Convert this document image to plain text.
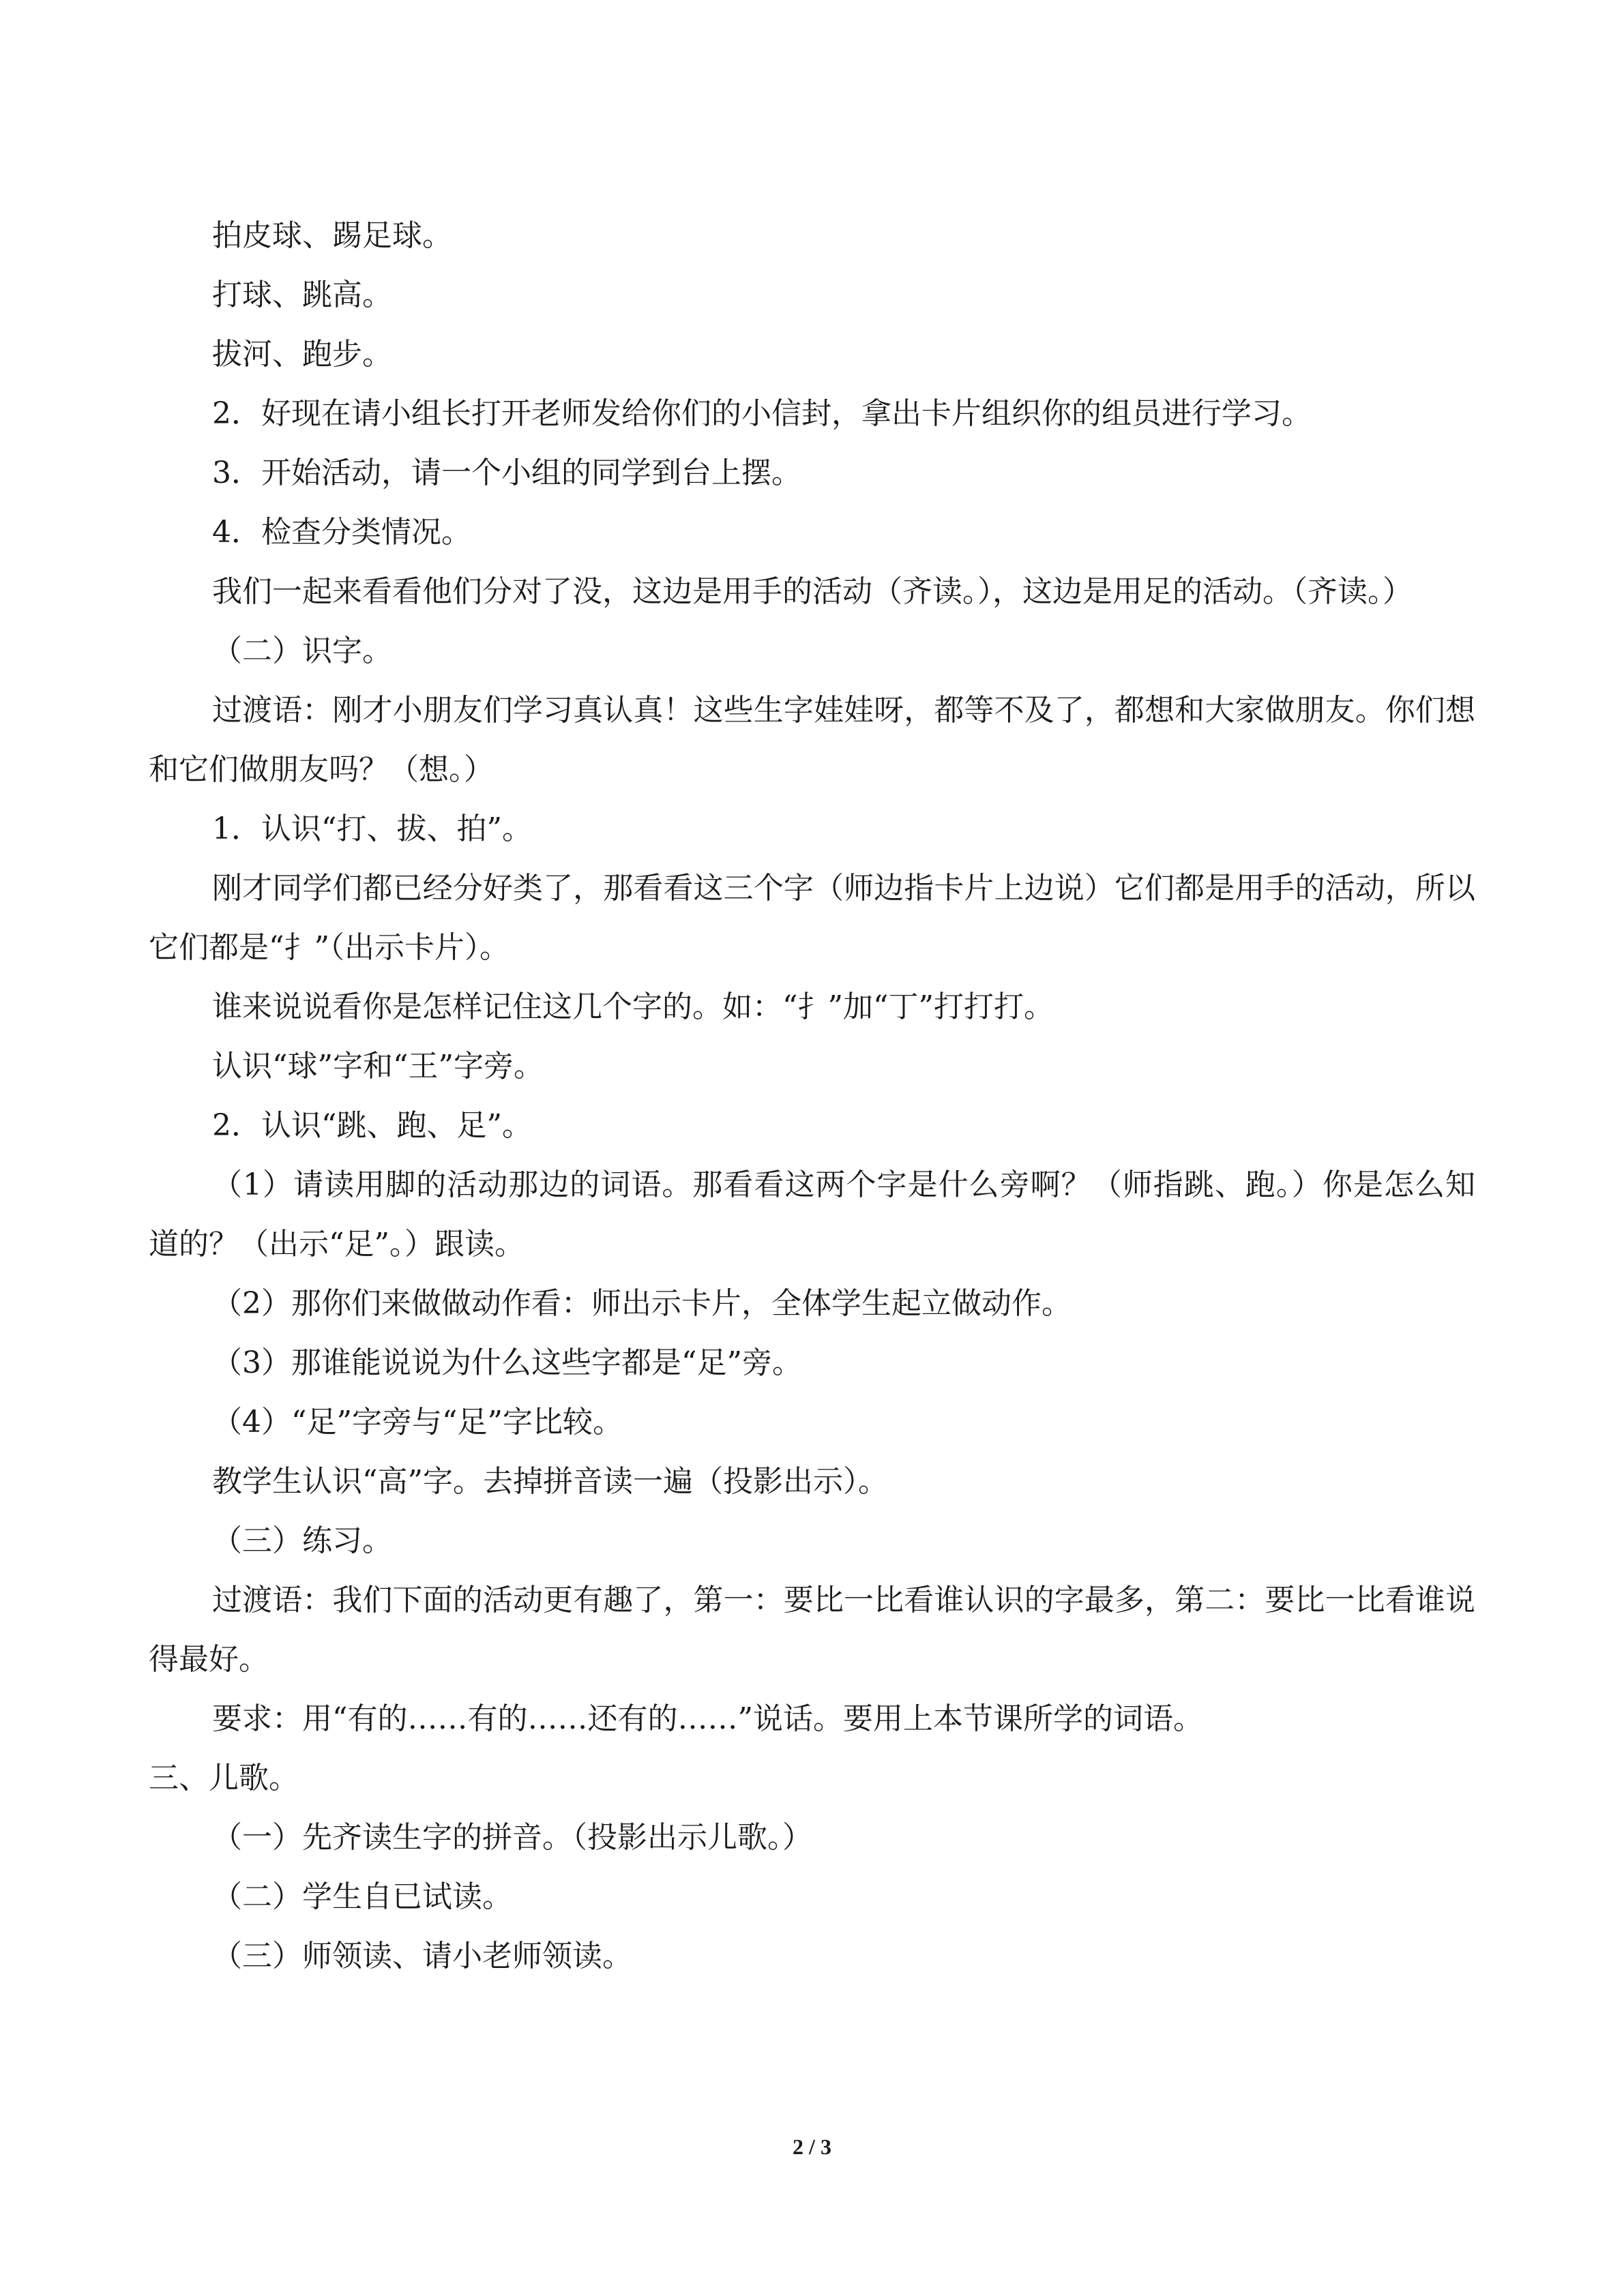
拍皮球、踢足球。

打球、跳高。

拔河、跑步。

2．好现在请小组长打开老师发给你们的小信封，拿出卡片组织你的组员进行学习。

3．开始活动，请一个小组的同学到台上摆。

4．检查分类情况。

我们一起来看看他们分对了没，这边是用手的活动（齐读。），这边是用足的活动。（齐读。）

（二）识字。

过渡语：刚才小朋友们学习真认真！这些生字娃娃呀，都等不及了，都想和大家做朋友。你们想和它们做朋友吗？（想。）

1．认识“打、拔、拍”。

刚才同学们都已经分好类了，那看看这三个字（师边指卡片上边说）它们都是用手的活动，所以它们都是“扌”（出示卡片）。

谁来说说看你是怎样记住这几个字的。如：“扌”加“丁”打打打。

认识“球”字和“王”字旁。

2．认识“跳、跑、足”。

（1）请读用脚的活动那边的词语。那看看这两个字是什么旁啊？（师指跳、跑。）你是怎么知道的？（出示“足”。）跟读。

（2）那你们来做做动作看：师出示卡片，全体学生起立做动作。

（3）那谁能说说为什么这些字都是“足”旁。

（4）“足”字旁与“足”字比较。

教学生认识“高”字。去掉拼音读一遍（投影出示）。

（三）练习。

过渡语：我们下面的活动更有趣了，第一：要比一比看谁认识的字最多，第二：要比一比看谁说得最好。

要求：用“有的……有的……还有的……”说话。要用上本节课所学的词语。

三、儿歌。

（一）先齐读生字的拼音。（投影出示儿歌。）

（二）学生自已试读。

（三）师领读、请小老师领读。

2 / 3
